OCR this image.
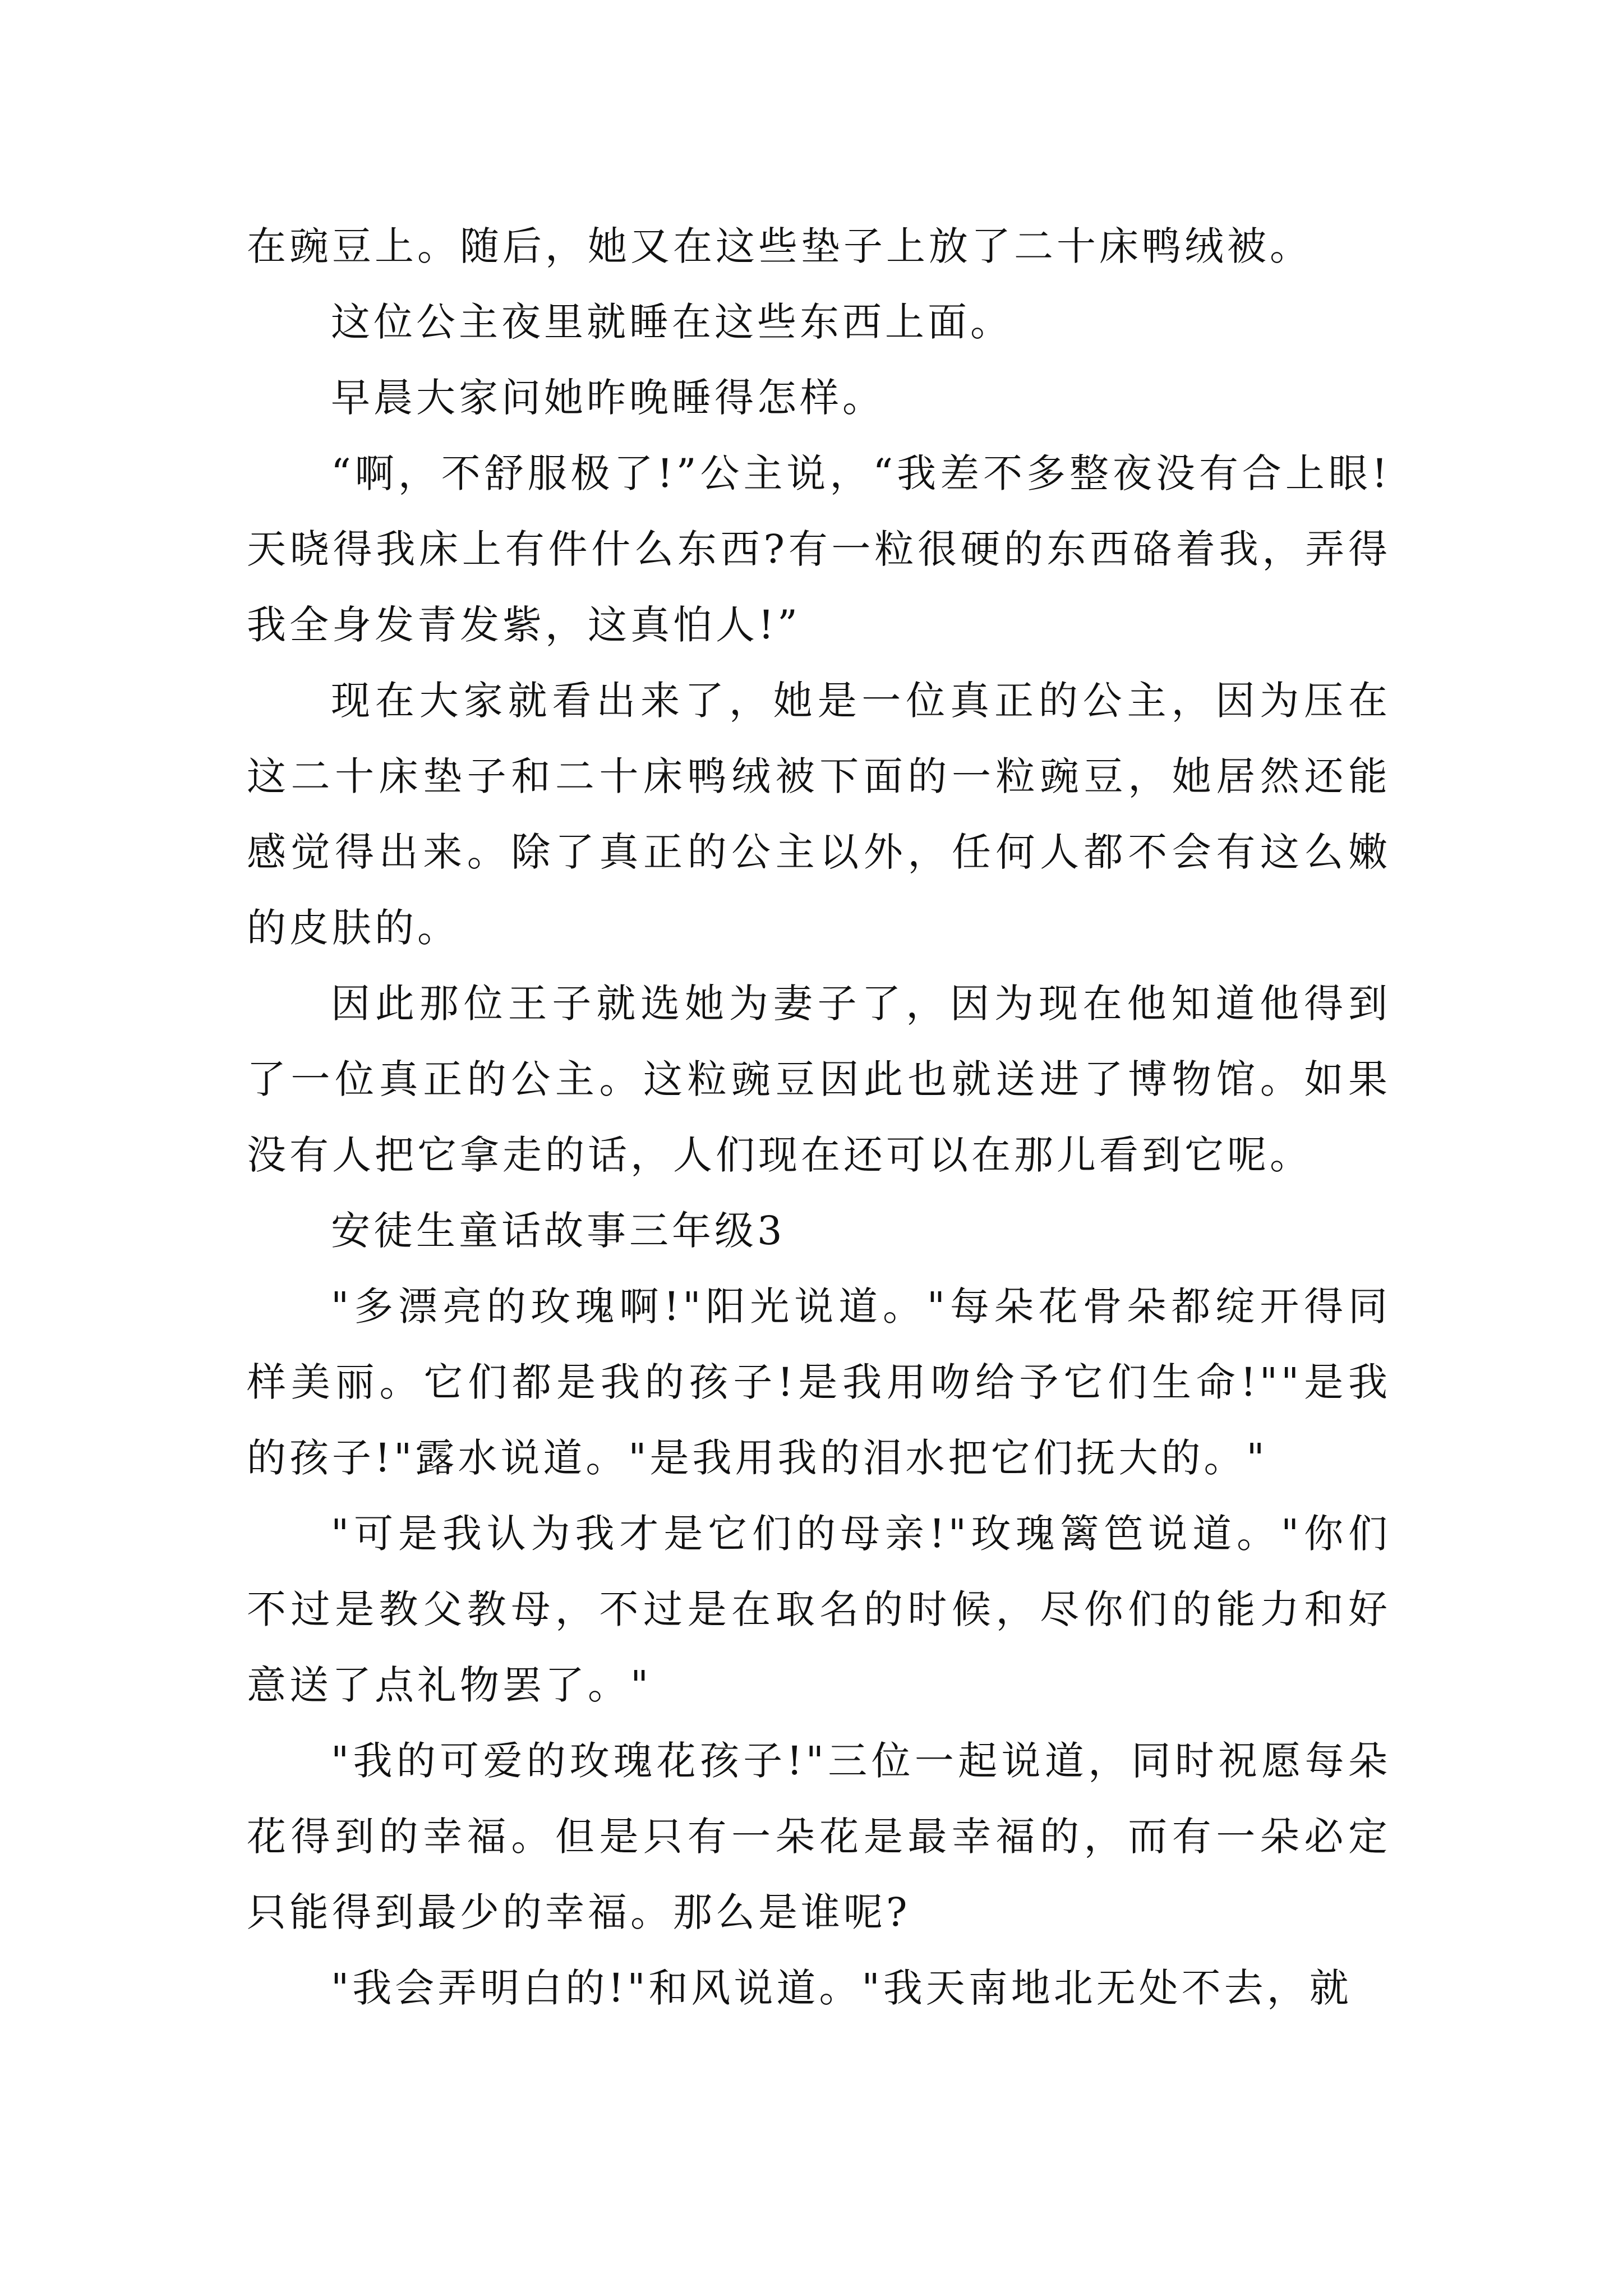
在豌豆上。随后，她又在这些垫子上放了二十床鸭绒被。

这位公主夜里就睡在这些东西上面。

早晨大家问她昨晚睡得怎样。

“啊，不舒服极了!”公主说，“我差不多整夜没有合上眼!天晓得我床上有件什么东西?有一粒很硬的东西硌着我，弄得我全身发青发紫，这真怕人!”

现在大家就看出来了，她是一位真正的公主，因为压在这二十床垫子和二十床鸭绒被下面的一粒豌豆，她居然还能感觉得出来。除了真正的公主以外，任何人都不会有这么嫩的皮肤的。

因此那位王子就选她为妻子了，因为现在他知道他得到了一位真正的公主。这粒豌豆因此也就送进了博物馆。如果没有人把它拿走的话，人们现在还可以在那儿看到它呢。

安徒生童话故事三年级3

"多漂亮的玫瑰啊!"阳光说道。"每朵花骨朵都绽开得同样美丽。它们都是我的孩子!是我用吻给予它们生命!""是我的孩子!"露水说道。"是我用我的泪水把它们抚大的。"

"可是我认为我才是它们的母亲!"玫瑰篱笆说道。"你们不过是教父教母，不过是在取名的时候，尽你们的能力和好意送了点礼物罢了。"

"我的可爱的玫瑰花孩子!"三位一起说道，同时祝愿每朵花得到的幸福。但是只有一朵花是最幸福的，而有一朵必定只能得到最少的幸福。那么是谁呢?

"我会弄明白的!"和风说道。"我天南地北无处不去，就
